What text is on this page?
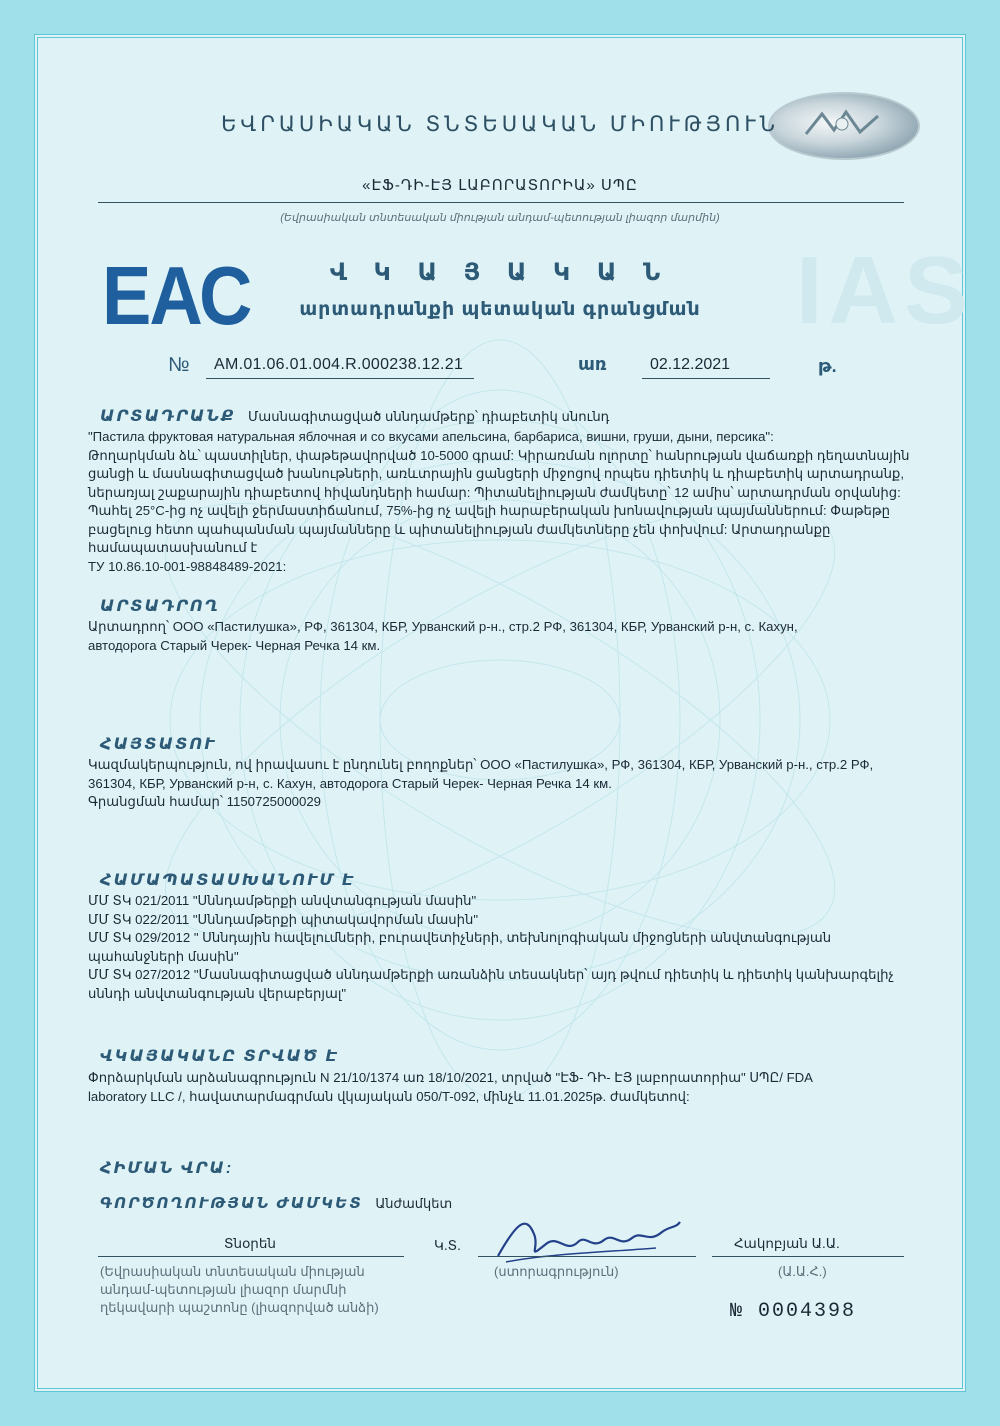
ԵՎՐԱՍԻԱԿԱՆ ՏՆՏԵՍԱԿԱՆ ՄԻՈՒԹՅՈՒՆ
«ԷՖ-ԴԻ-ԷՅ ԼԱԲՈՐԱՏՈՐԻԱ» ՍՊԸ
(Եվրասիական տնտեսական միության անդամ-պետության լիազոր մարմին)
IAS
ЕАС	Վ Կ Ա Յ Ա Կ Ա Ն
արտադրանքի պետական գրանցման
№ AM.01.06.01.004.R.000238.12.21	առ	02.12.2021	թ.
ԱՐՏԱԴՐԱՆՔ Մասնագիտացված սննդամթերք՝ դիաբետիկ սնունդ
"Пастила фруктовая натуральная яблочная и со вкусами апельсина, барбариса, вишни, груши, дыни, персика":
Թողարկման ձև՝ պաստիլներ, փաթեթավորված 10-5000 գրամ: Կիրառման ոլորտը՝ հանրության վաճառքի դեղատնային
ցանցի և մասնագիտացված խանութների, առևտրային ցանցերի միջոցով որպես դիետիկ և դիաբետիկ արտադրանք,
ներառյալ շաքարային դիաբետով հիվանդների համար: Պիտանելիության ժամկետը՝ 12 ամիս՝ արտադրման օրվանից:
Պահել 25°C-ից ոչ ավելի ջերմաստիճանում, 75%-ից ոչ ավելի հարաբերական խոնավության պայմաններում: Փաթեթը
բացելուց հետո պահպանման պայմանները և պիտանելիության ժամկետները չեն փոխվում: Արտադրանքը
համապատասխանում է
ТУ 10.86.10-001-98848489-2021:
ԱՐՏԱԴՐՈՂ
Արտադրող՝ ООО «Пастилушка», РФ, 361304, КБР, Урванский р-н., стр.2 РФ, 361304, КБР, Урванский р-н, с. Кахун,
автодорога Старый Черек- Черная Речка 14 км.
ՀԱՅՏԱՏՈՒ
Կազմակերպություն, ով իրավասու է ընդունել բողոքներ՝ ООО «Пастилушка», РФ, 361304, КБР, Урванский р-н., стр.2 РФ,
361304, КБР, Урванский р-н, с. Кахун, автодорога Старый Черек- Черная Речка 14 км.
Գրանցման համար՝ 1150725000029
ՀԱՄԱՊԱՏԱՍԽԱՆՈՒՄ Է
ՄՄ ՏԿ 021/2011 "Սննդամթերքի անվտանգության մասին"
ՄՄ ՏԿ 022/2011 "Սննդամթերքի պիտակավորման մասին"
ՄՄ ՏԿ 029/2012 " Սննդային հավելումների, բուրավետիչների, տեխնոլոգիական միջոցների անվտանգության
պահանջների մասին"
ՄՄ ՏԿ 027/2012 "Մասնագիտացված սննդամթերքի առանձին տեսակներ՝ այդ թվում դիետիկ և դիետիկ կանխարգելիչ
սննդի անվտանգության վերաբերյալ"
ՎԿԱՅԱԿԱՆԸ ՏՐՎԱԾ Է
Փորձարկման արձանագրություն N 21/10/1374 առ 18/10/2021, տրված "ԷՖ- ԴԻ- ԷՅ լաբորատորիա" ՍՊԸ/ FDA
laboratory LLC /, հավատարմագրման վկայական 050/T-092, մինչև 11.01.2025թ. ժամկետով:
ՀԻՄԱՆ ՎՐԱ:
ԳՈՐԾՈՂՈՒԹՅԱՆ ԺԱՄԿԵՏ Անժամկետ
Տնօրեն	Կ.Տ.
(ստորագրություն)
Հակոբյան Ա.Ա.
(Ա.Ա.Հ.)
(Եվրասիական տնտեսական միության
անդամ-պետության լիազոր մարմնի
ղեկավարի պաշտոնը (լիազորված անձի)	№ 0004398
